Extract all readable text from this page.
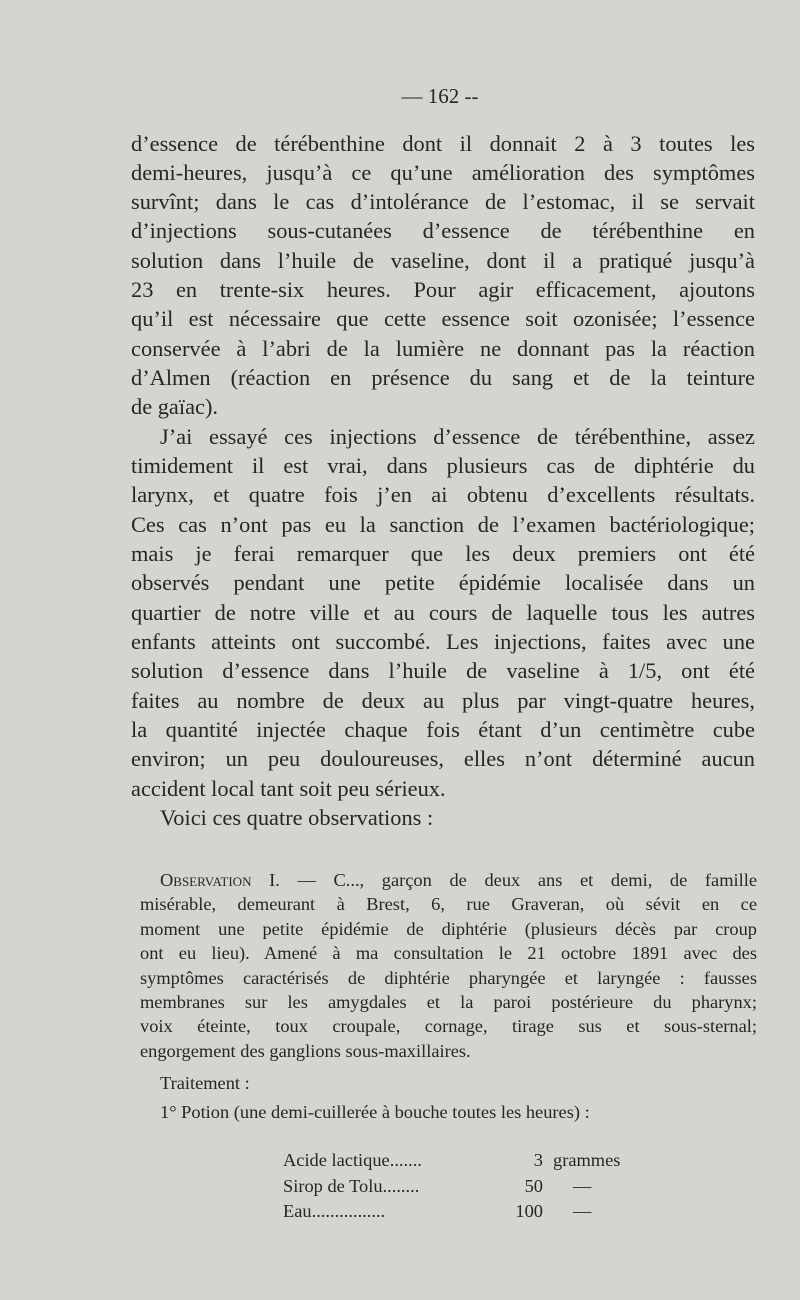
— 162 --

d’essence de térébenthine dont il donnait 2 à 3 toutes les

demi-heures, jusqu’à ce qu’une amélioration des symptômes

survînt; dans le cas d’intolérance de l’estomac, il se servait

d’injections sous-cutanées d’essence de térébenthine en

solution dans l’huile de vaseline, dont il a pratiqué jusqu’à

23 en trente-six heures. Pour agir efficacement, ajoutons

qu’il est nécessaire que cette essence soit ozonisée; l’essence

conservée à l’abri de la lumière ne donnant pas la réaction

d’Almen (réaction en présence du sang et de la teinture

de gaïac).

J’ai essayé ces injections d’essence de térébenthine, assez

timidement il est vrai, dans plusieurs cas de diphtérie du

larynx, et quatre fois j’en ai obtenu d’excellents résultats.

Ces cas n’ont pas eu la sanction de l’examen bactériologique;

mais je ferai remarquer que les deux premiers ont été

observés pendant une petite épidémie localisée dans un

quartier de notre ville et au cours de laquelle tous les autres

enfants atteints ont succombé. Les injections, faites avec une

solution d’essence dans l’huile de vaseline à 1/5, ont été

faites au nombre de deux au plus par vingt-quatre heures,

la quantité injectée chaque fois étant d’un centimètre cube

environ; un peu douloureuses, elles n’ont déterminé aucun

accident local tant soit peu sérieux.

Voici ces quatre observations :

Observation I. — C..., garçon de deux ans et demi, de famille

misérable, demeurant à Brest, 6, rue Graveran, où sévit en ce

moment une petite épidémie de diphtérie (plusieurs décès par croup

ont eu lieu). Amené à ma consultation le 21 octobre 1891 avec des

symptômes caractérisés de diphtérie pharyngée et laryngée : fausses

membranes sur les amygdales et la paroi postérieure du pharynx;

voix éteinte, toux croupale, cornage, tirage sus et sous-sternal;

engorgement des ganglions sous-maxillaires.

Traitement :

1° Potion (une demi-cuillerée à bouche toutes les heures) :

Acide lactique.......	3	grammes
Sirop de Tolu........	50	—
Eau................	100	—
